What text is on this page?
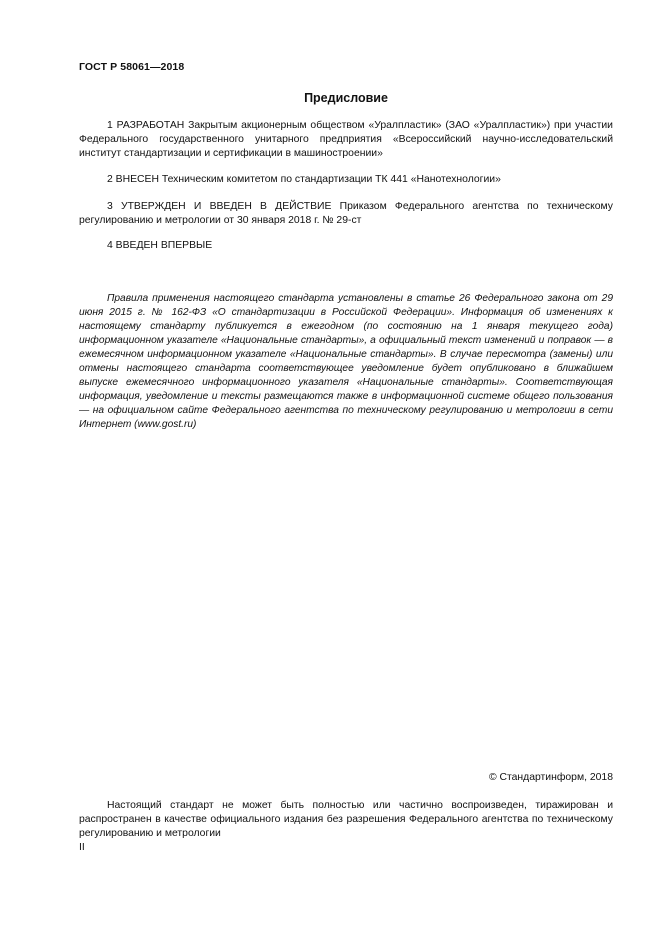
ГОСТ Р 58061—2018
Предисловие

1 РАЗРАБОТАН Закрытым акционерным обществом «Уралпластик» (ЗАО «Уралпластик») при участии Федерального государственного унитарного предприятия «Всероссийский научно-исследовательский институт стандартизации и сертификации в машиностроении»

2 ВНЕСЕН Техническим комитетом по стандартизации ТК 441 «Нанотехнологии»

3 УТВЕРЖДЕН И ВВЕДЕН В ДЕЙСТВИЕ Приказом Федерального агентства по техническому регулированию и метрологии от 30 января 2018 г. № 29-ст

4 ВВЕДЕН ВПЕРВЫЕ

Правила применения настоящего стандарта установлены в статье 26 Федерального закона от 29 июня 2015 г. № 162-ФЗ «О стандартизации в Российской Федерации». Информация об изменениях к настоящему стандарту публикуется в ежегодном (по состоянию на 1 января текущего года) информационном указателе «Национальные стандарты», а официальный текст изменений и поправок — в ежемесячном информационном указателе «Национальные стандарты». В случае пересмотра (замены) или отмены настоящего стандарта соответствующее уведомление будет опубликовано в ближайшем выпуске ежемесячного информационного указателя «Национальные стандарты». Соответствующая информация, уведомление и тексты размещаются также в информационной системе общего пользования — на официальном сайте Федерального агентства по техническому регулированию и метрологии в сети Интернет (www.gost.ru)

© Стандартинформ, 2018

Настоящий стандарт не может быть полностью или частично воспроизведен, тиражирован и распространен в качестве официального издания без разрешения Федерального агентства по техническому регулированию и метрологии

II
